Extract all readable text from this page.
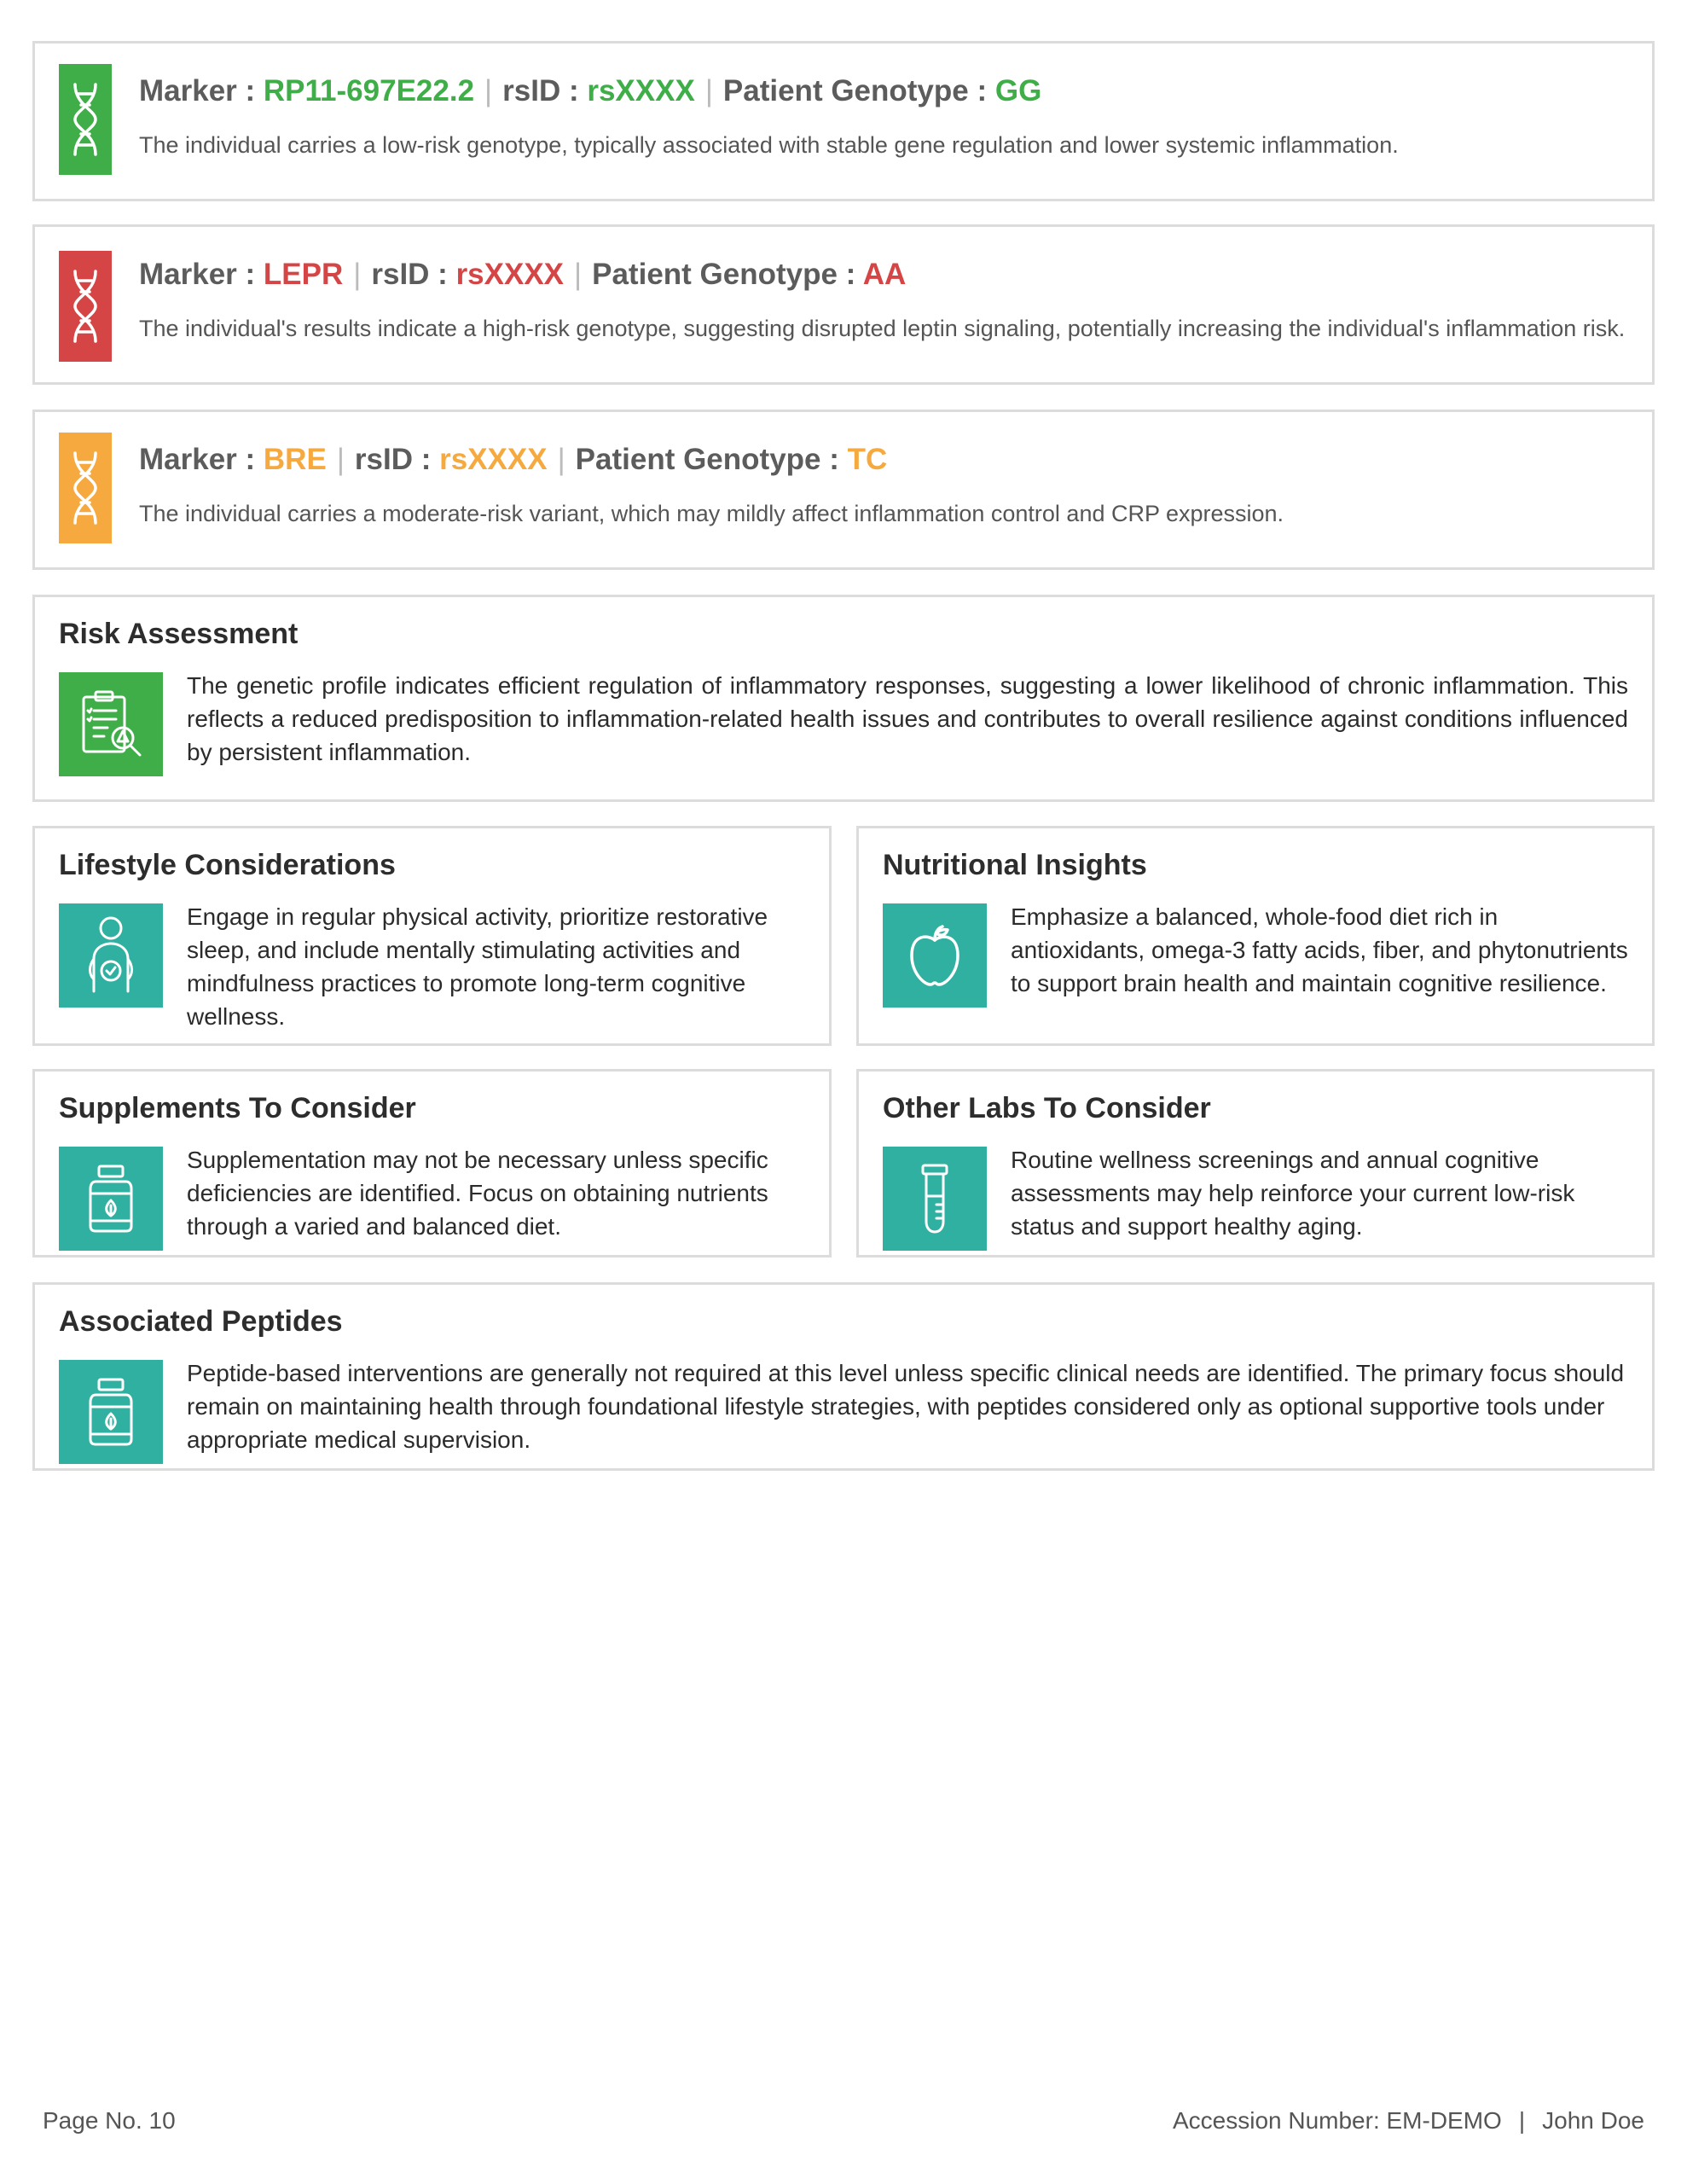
Marker : RP11-697E22.2 | rsID : rsXXXX | Patient Genotype : GG
The individual carries a low-risk genotype, typically associated with stable gene regulation and lower systemic inflammation.
Marker : LEPR | rsID : rsXXXX | Patient Genotype : AA
The individual's results indicate a high-risk genotype, suggesting disrupted leptin signaling, potentially increasing the individual's inflammation risk.
Marker : BRE | rsID : rsXXXX | Patient Genotype : TC
The individual carries a moderate-risk variant, which may mildly affect inflammation control and CRP expression.
Risk Assessment
The genetic profile indicates efficient regulation of inflammatory responses, suggesting a lower likelihood of chronic inflammation. This reflects a reduced predisposition to inflammation-related health issues and contributes to overall resilience against conditions influenced by persistent inflammation.
Lifestyle Considerations
Engage in regular physical activity, prioritize restorative sleep, and include mentally stimulating activities and mindfulness practices to promote long-term cognitive wellness.
Nutritional Insights
Emphasize a balanced, whole-food diet rich in antioxidants, omega-3 fatty acids, fiber, and phytonutrients to support brain health and maintain cognitive resilience.
Supplements To Consider
Supplementation may not be necessary unless specific deficiencies are identified. Focus on obtaining nutrients through a varied and balanced diet.
Other Labs To Consider
Routine wellness screenings and annual cognitive assessments may help reinforce your current low-risk status and support healthy aging.
Associated Peptides
Peptide-based interventions are generally not required at this level unless specific clinical needs are identified. The primary focus should remain on maintaining health through foundational lifestyle strategies, with peptides considered only as optional supportive tools under appropriate medical supervision.
Page No. 10	Accession Number: EM-DEMO | John Doe
